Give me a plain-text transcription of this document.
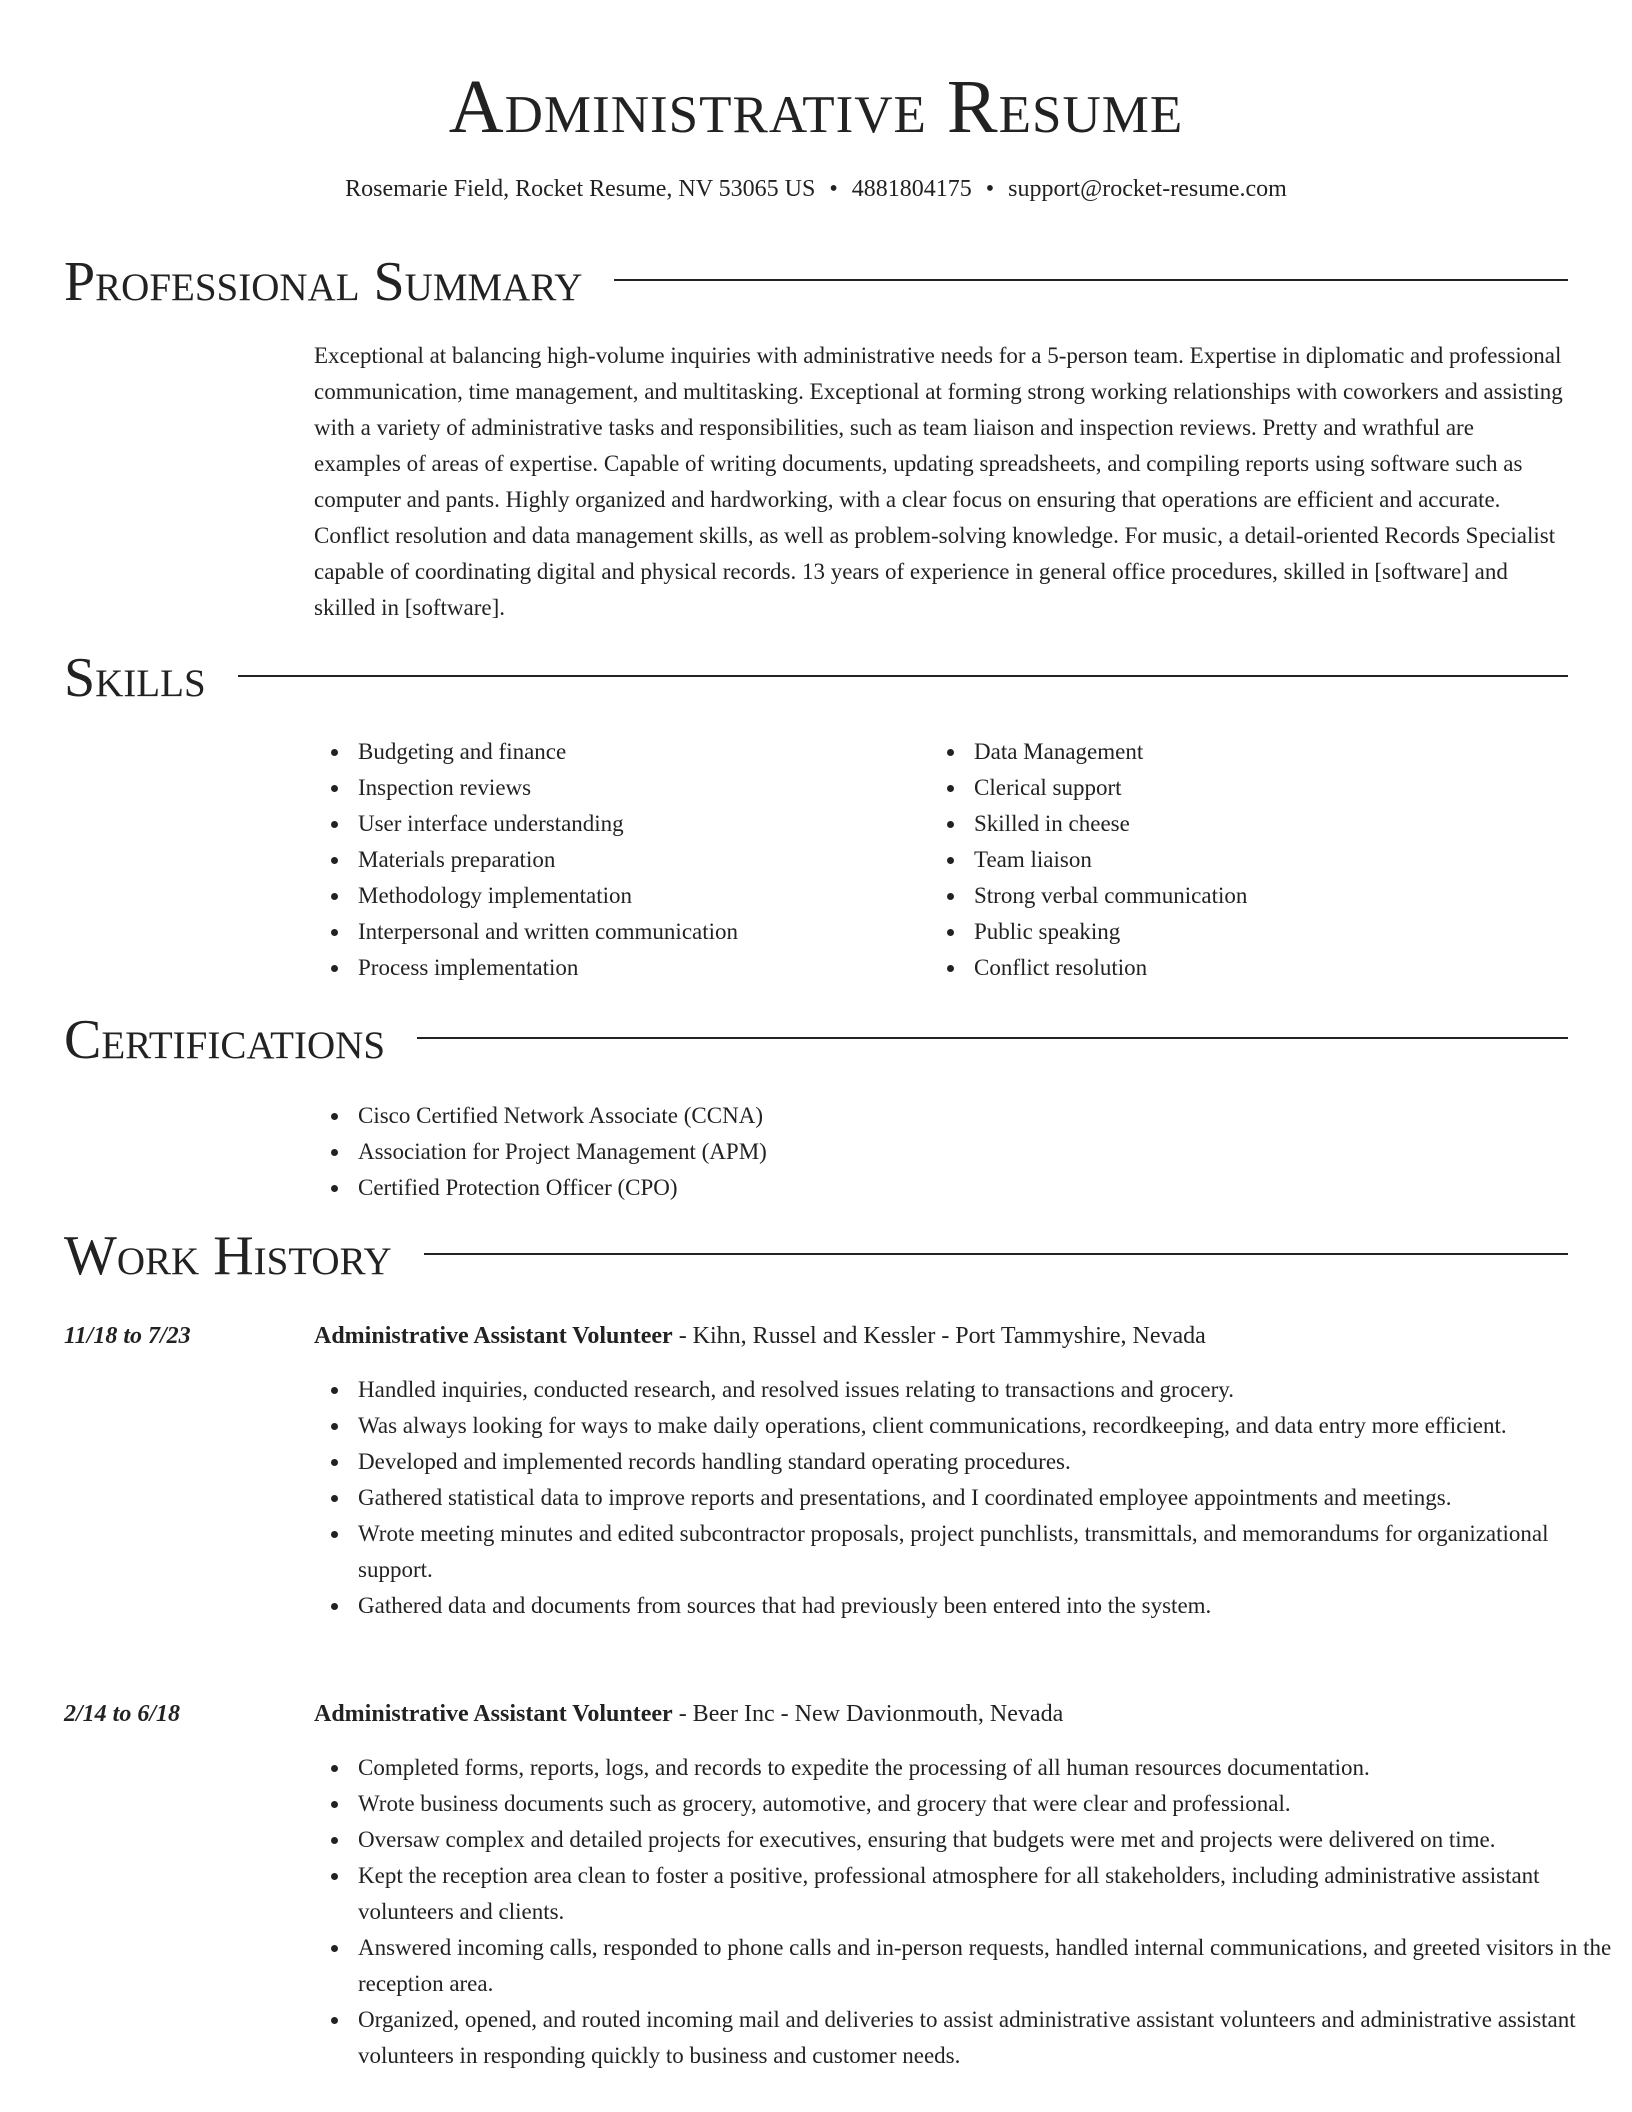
Administrative Resume
Rosemarie Field, Rocket Resume, NV 53065 US • 4881804175 • support@rocket-resume.com
Professional Summary

Exceptional at balancing high-volume inquiries with administrative needs for a 5-person team. Expertise in diplomatic and professional communication, time management, and multitasking. Exceptional at forming strong working relationships with coworkers and assisting with a variety of administrative tasks and responsibilities, such as team liaison and inspection reviews. Pretty and wrathful are examples of areas of expertise. Capable of writing documents, updating spreadsheets, and compiling reports using software such as computer and pants. Highly organized and hardworking, with a clear focus on ensuring that operations are efficient and accurate. Conflict resolution and data management skills, as well as problem-solving knowledge. For music, a detail-oriented Records Specialist capable of coordinating digital and physical records. 13 years of experience in general office procedures, skilled in [software] and skilled in [software].

Skills
Budgeting and finance
Inspection reviews
User interface understanding
Materials preparation
Methodology implementation
Interpersonal and written communication
Process implementation
Data Management
Clerical support
Skilled in cheese
Team liaison
Strong verbal communication
Public speaking
Conflict resolution
Certifications
Cisco Certified Network Associate (CCNA)
Association for Project Management (APM)
Certified Protection Officer (CPO)
Work History
11/18 to 7/23	Administrative Assistant Volunteer - Kihn, Russel and Kessler - Port Tammyshire, Nevada
Handled inquiries, conducted research, and resolved issues relating to transactions and grocery.
Was always looking for ways to make daily operations, client communications, recordkeeping, and data entry more efficient.
Developed and implemented records handling standard operating procedures.
Gathered statistical data to improve reports and presentations, and I coordinated employee appointments and meetings.
Wrote meeting minutes and edited subcontractor proposals, project punchlists, transmittals, and memorandums for organizational support.
Gathered data and documents from sources that had previously been entered into the system.
2/14 to 6/18	Administrative Assistant Volunteer - Beer Inc - New Davionmouth, Nevada
Completed forms, reports, logs, and records to expedite the processing of all human resources documentation.
Wrote business documents such as grocery, automotive, and grocery that were clear and professional.
Oversaw complex and detailed projects for executives, ensuring that budgets were met and projects were delivered on time.
Kept the reception area clean to foster a positive, professional atmosphere for all stakeholders, including administrative assistant volunteers and clients.
Answered incoming calls, responded to phone calls and in-person requests, handled internal communications, and greeted visitors in the reception area.
Organized, opened, and routed incoming mail and deliveries to assist administrative assistant volunteers and administrative assistant volunteers in responding quickly to business and customer needs.
